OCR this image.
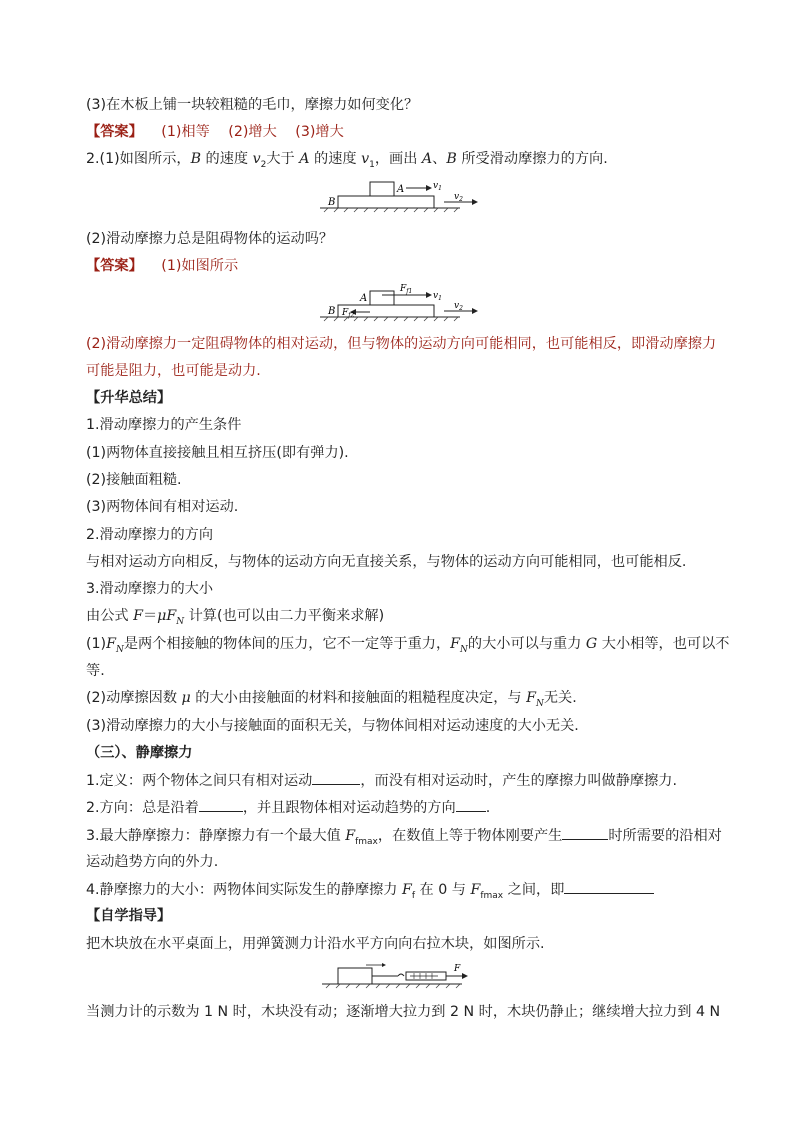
(3)在木板上铺一块较粗糙的毛巾，摩擦力如何变化？
【答案】 (1)相等 (2)增大 (3)增大
2.(1)如图所示，B 的速度 $v_2$大于 A 的速度 $v_1$，画出 A、B 所受滑动摩擦力的方向.
B
A	$v_1$
$v_2$
(2)滑动摩擦力总是阻碍物体的运动吗？
【答案】 (1)如图所示
B
A
$F_{f1}$ $v_1$
$F_{f2}$
$v_2$
(2)滑动摩擦力一定阻碍物体的相对运动，但与物体的运动方向可能相同，也可能相反，即滑动摩擦力
可能是阻力，也可能是动力.
【升华总结】
1.滑动摩擦力的产生条件
(1)两物体直接接触且相互挤压(即有弹力).
(2)接触面粗糙.
(3)两物体间有相对运动.
2.滑动摩擦力的方向
与相对运动方向相反，与物体的运动方向无直接关系，与物体的运动方向可能相同，也可能相反.
3.滑动摩擦力的大小
由公式 $F=\mu F_N$ 计算(也可以由二力平衡来求解)
$(1)F_N$是两个相接触的物体间的压力，它不一定等于重力，$F_N$的大小可以与重力 G 大小相等，也可以不
等.
(2)动摩擦因数 μ 的大小由接触面的材料和接触面的粗糙程度决定，与 $F_N$无关.
(3)滑动摩擦力的大小与接触面的面积无关，与物体间相对运动速度的大小无关.
（三）、静摩擦力
1.定义：两个物体之间只有相对运动	，而没有相对运动时，产生的摩擦力叫做静摩擦力.
2.方向：总是沿着	，并且跟物体相对运动趋势的方向 .
3.最大静摩擦力：静摩擦力有一个最大值 $F_{fmax}$，在数值上等于物体刚要产生	时所需要的沿相对
运动趋势方向的外力.
4.静摩擦力的大小：两物体间实际发生的静摩擦力 $F_f$ 在 0 与 $F_{fmax}$ 之间，即
【自学指导】
把木块放在水平桌面上，用弹簧测力计沿水平方向向右拉木块，如图所示.
F
当测力计的示数为 1 N 时，木块没有动；逐渐增大拉力到 2 N 时，木块仍静止；继续增大拉力到 4 N
